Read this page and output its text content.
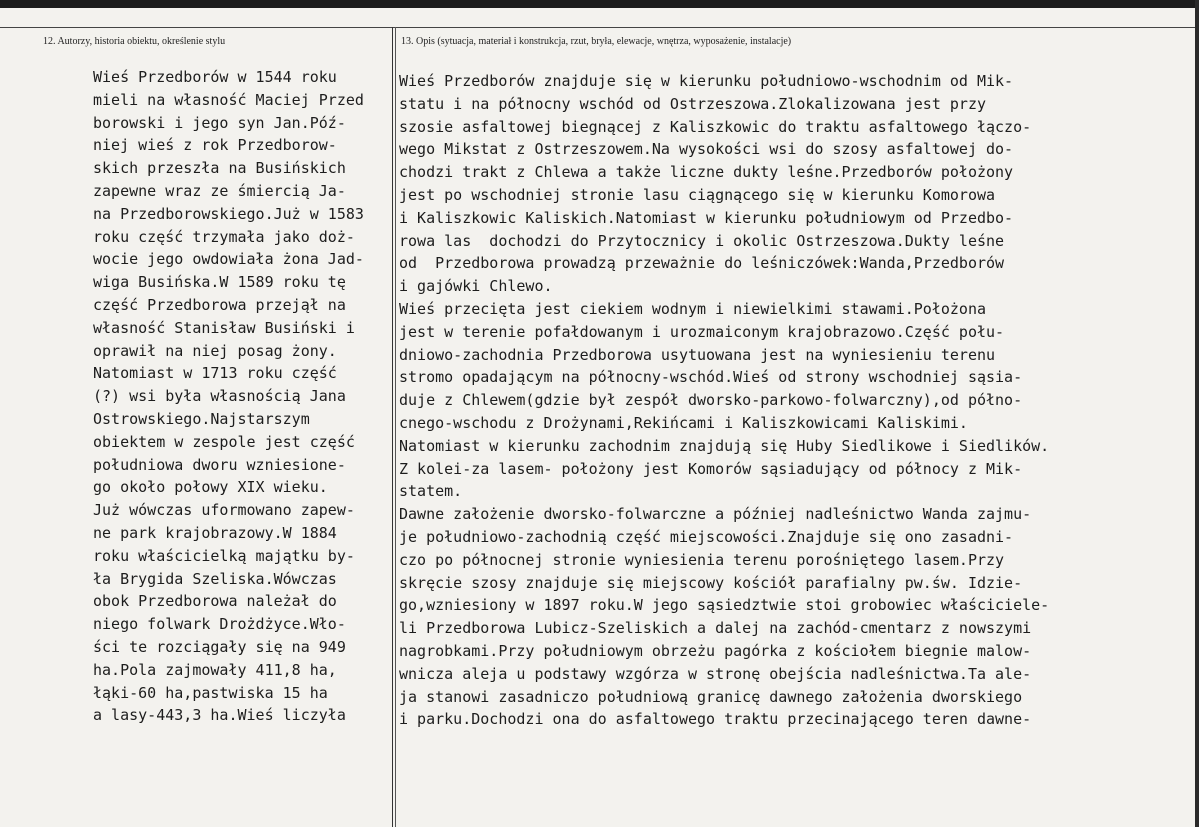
12. Autorzy, historia obiektu, określenie stylu	13. Opis (sytuacja, materiał i konstrukcja, rzut, bryła, elewacje, wnętrza, wyposażenie, instalacje)
Wieś Przedborów w 1544 roku
mieli na własność Maciej Przed
borowski i jego syn Jan.Póź-
niej wieś z rok Przedborow-
skich przeszła na Busińskich
zapewne wraz ze śmiercią Ja-
na Przedborowskiego.Już w 1583
roku część trzymała jako doż-
wocie jego owdowiała żona Jad-
wiga Busińska.W 1589 roku tę
część Przedborowa przejął na
własność Stanisław Busiński i
oprawił na niej posag żony.
Natomiast w 1713 roku część
(?) wsi była własnością Jana
Ostrowskiego.Najstarszym
obiektem w zespole jest część
południowa dworu wzniesione-
go około połowy XIX wieku.
Już wówczas uformowano zapew-
ne park krajobrazowy.W 1884
roku właścicielką majątku by-
ła Brygida Szeliska.Wówczas
obok Przedborowa należał do
niego folwark Drożdżyce.Wło-
ści te rozciągały się na 949
ha.Pola zajmowały 411,8 ha,
łąki-60 ha,pastwiska 15 ha
a lasy-443,3 ha.Wieś liczyła
Wieś Przedborów znajduje się w kierunku południowo-wschodnim od Mik-
statu i na północny wschód od Ostrzeszowa.Zlokalizowana jest przy
szosie asfaltowej biegnącej z Kaliszkowic do traktu asfaltowego łączo-
wego Mikstat z Ostrzeszowem.Na wysokości wsi do szosy asfaltowej do-
chodzi trakt z Chlewa a także liczne dukty leśne.Przedborów położony
jest po wschodniej stronie lasu ciągnącego się w kierunku Komorowa
i Kaliszkowic Kaliskich.Natomiast w kierunku południowym od Przedbo-
rowa las  dochodzi do Przytocznicy i okolic Ostrzeszowa.Dukty leśne
od  Przedborowa prowadzą przeważnie do leśniczówek:Wanda,Przedborów
i gajówki Chlewo.
Wieś przecięta jest ciekiem wodnym i niewielkimi stawami.Położona
jest w terenie pofałdowanym i urozmaiconym krajobrazowo.Część połu-
dniowo-zachodnia Przedborowa usytuowana jest na wyniesieniu terenu
stromo opadającym na północny-wschód.Wieś od strony wschodniej sąsia-
duje z Chlewem(gdzie był zespół dworsko-parkowo-folwarczny),od półno-
cnego-wschodu z Drożynami,Rekińcami i Kaliszkowicami Kaliskimi.
Natomiast w kierunku zachodnim znajdują się Huby Siedlikowe i Siedlików.
Z kolei-za lasem- położony jest Komorów sąsiadujący od północy z Mik-
statem.
Dawne założenie dworsko-folwarczne a później nadleśnictwo Wanda zajmu-
je południowo-zachodnią część miejscowości.Znajduje się ono zasadni-
czo po północnej stronie wyniesienia terenu porośniętego lasem.Przy
skręcie szosy znajduje się miejscowy kościół parafialny pw.św. Idzie-
go,wzniesiony w 1897 roku.W jego sąsiedztwie stoi grobowiec właściciele-
li Przedborowa Lubicz-Szeliskich a dalej na zachód-cmentarz z nowszymi
nagrobkami.Przy południowym obrzeżu pagórka z kościołem biegnie malow-
wnicza aleja u podstawy wzgórza w stronę obejścia nadleśnictwa.Ta ale-
ja stanowi zasadniczo południową granicę dawnego założenia dworskiego
i parku.Dochodzi ona do asfaltowego traktu przecinającego teren dawne-
